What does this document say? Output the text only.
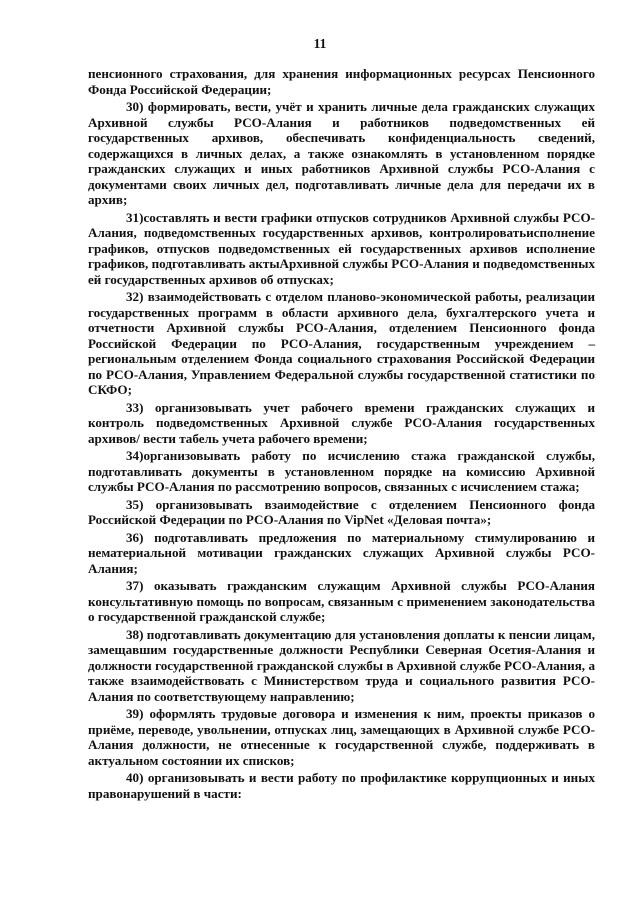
11

пенсионного страхования, для хранения информационных ресурсах Пенсионного Фонда Российской Федерации;

30) формировать, вести, учёт и хранить личные дела гражданских служащих Архивной службы РСО-Алания и работников подведомственных ей государственных архивов, обеспечивать конфиденциальность сведений, содержащихся в личных делах, а также ознакомлять в установленном порядке гражданских служащих и иных работников Архивной службы РСО-Алания с документами своих личных дел, подготавливать личные дела для передачи их в архив;

31)составлять и вести графики отпусков сотрудников Архивной службы РСО-Алания, подведомственных государственных архивов, контролироватьисполнение графиков, отпусков подведомственных ей государственных архивов исполнение графиков, подготавливать актыАрхивной службы РСО-Алания и подведомственных ей государственных архивов об отпусках;

32) взаимодействовать с отделом планово-экономической работы, реализации государственных программ в области архивного дела, бухгалтерского учета и отчетности Архивной службы РСО-Алания, отделением Пенсионного фонда Российской Федерации по РСО-Алания, государственным учреждением – региональным отделением Фонда социального страхования Российской Федерации по РСО-Алания, Управлением Федеральной службы государственной статистики по СКФО;

33) организовывать учет рабочего времени гражданских служащих и контроль подведомственных Архивной службе РСО-Алания государственных архивов/ вести табель учета рабочего времени;

34)организовывать работу по исчислению стажа гражданской службы, подготавливать документы в установленном порядке на комиссию Архивной службы РСО-Алания по рассмотрению вопросов, связанных с исчислением стажа;

35) организовывать взаимодействие с отделением Пенсионного фонда Российской Федерации по РСО-Алания по VipNet «Деловая почта»;

36) подготавливать предложения по материальному стимулированию и нематериальной мотивации гражданских служащих Архивной службы РСО-Алания;

37) оказывать гражданским служащим Архивной службы РСО-Алания консультативную помощь по вопросам, связанным с применением законодательства о государственной гражданской службе;

38) подготавливать документацию для установления доплаты к пенсии лицам, замещавшим государственные должности Республики Северная Осетия-Алания и должности государственной гражданской службы в Архивной службе РСО-Алания, а также взаимодействовать с Министерством труда и социального развития РСО-Алания по соответствующему направлению;

39) оформлять трудовые договора и изменения к ним, проекты приказов о приёме, переводе, увольнении, отпусках лиц, замещающих в Архивной службе РСО-Алания должности, не отнесенные к государственной службе, поддерживать в актуальном состоянии их списков;

40) организовывать и вести работу по профилактике коррупционных и иных правонарушений в части:
